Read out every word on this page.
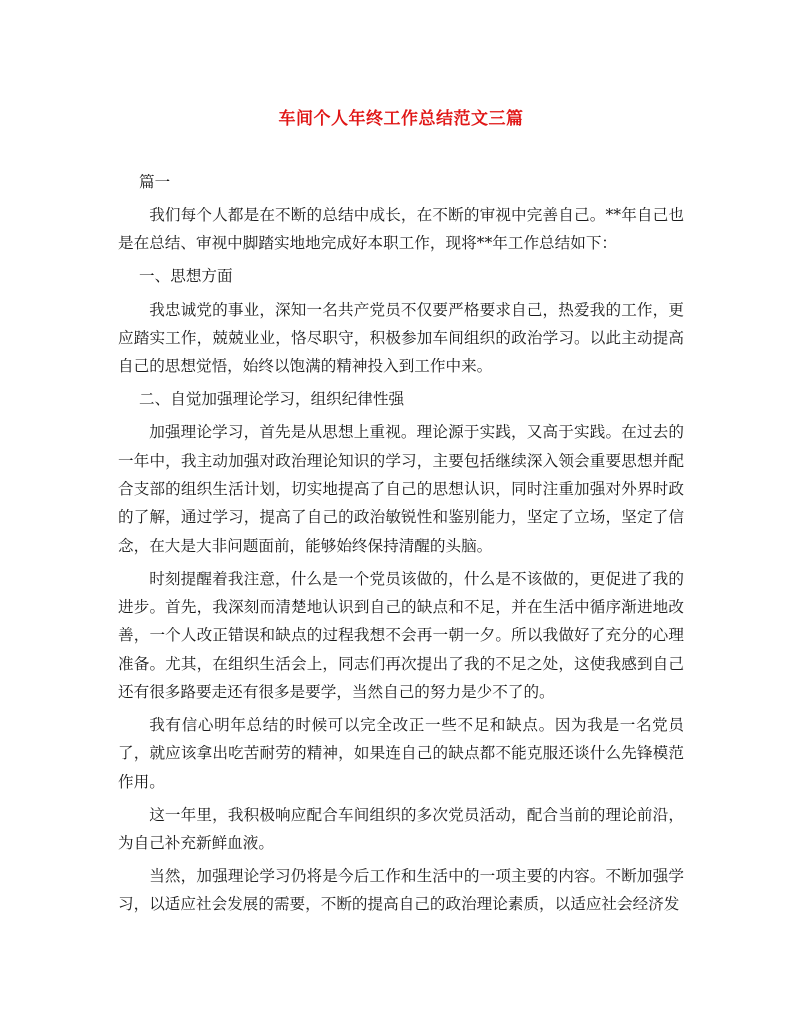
车间个人年终工作总结范文三篇

篇一

我们每个人都是在不断的总结中成长，在不断的审视中完善自己。**年自己也是在总结、审视中脚踏实地地完成好本职工作，现将**年工作总结如下：

一、思想方面

我忠诚党的事业，深知一名共产党员不仅要严格要求自己，热爱我的工作，更应踏实工作，兢兢业业，恪尽职守，积极参加车间组织的政治学习。以此主动提高自己的思想觉悟，始终以饱满的精神投入到工作中来。

二、自觉加强理论学习，组织纪律性强

加强理论学习，首先是从思想上重视。理论源于实践，又高于实践。在过去的一年中，我主动加强对政治理论知识的学习，主要包括继续深入领会重要思想并配合支部的组织生活计划，切实地提高了自己的思想认识，同时注重加强对外界时政的了解，通过学习，提高了自己的政治敏锐性和鉴别能力，坚定了立场，坚定了信念，在大是大非问题面前，能够始终保持清醒的头脑。

时刻提醒着我注意，什么是一个党员该做的，什么是不该做的，更促进了我的进步。首先，我深刻而清楚地认识到自己的缺点和不足，并在生活中循序渐进地改善，一个人改正错误和缺点的过程我想不会再一朝一夕。所以我做好了充分的心理准备。尤其，在组织生活会上，同志们再次提出了我的不足之处，这使我感到自己还有很多路要走还有很多是要学，当然自己的努力是少不了的。

我有信心明年总结的时候可以完全改正一些不足和缺点。因为我是一名党员了，就应该拿出吃苦耐劳的精神，如果连自己的缺点都不能克服还谈什么先锋模范作用。

这一年里，我积极响应配合车间组织的多次党员活动，配合当前的理论前沿，为自己补充新鲜血液。

当然，加强理论学习仍将是今后工作和生活中的一项主要的内容。不断加强学习，以适应社会发展的需要，不断的提高自己的政治理论素质，以适应社会经济发
